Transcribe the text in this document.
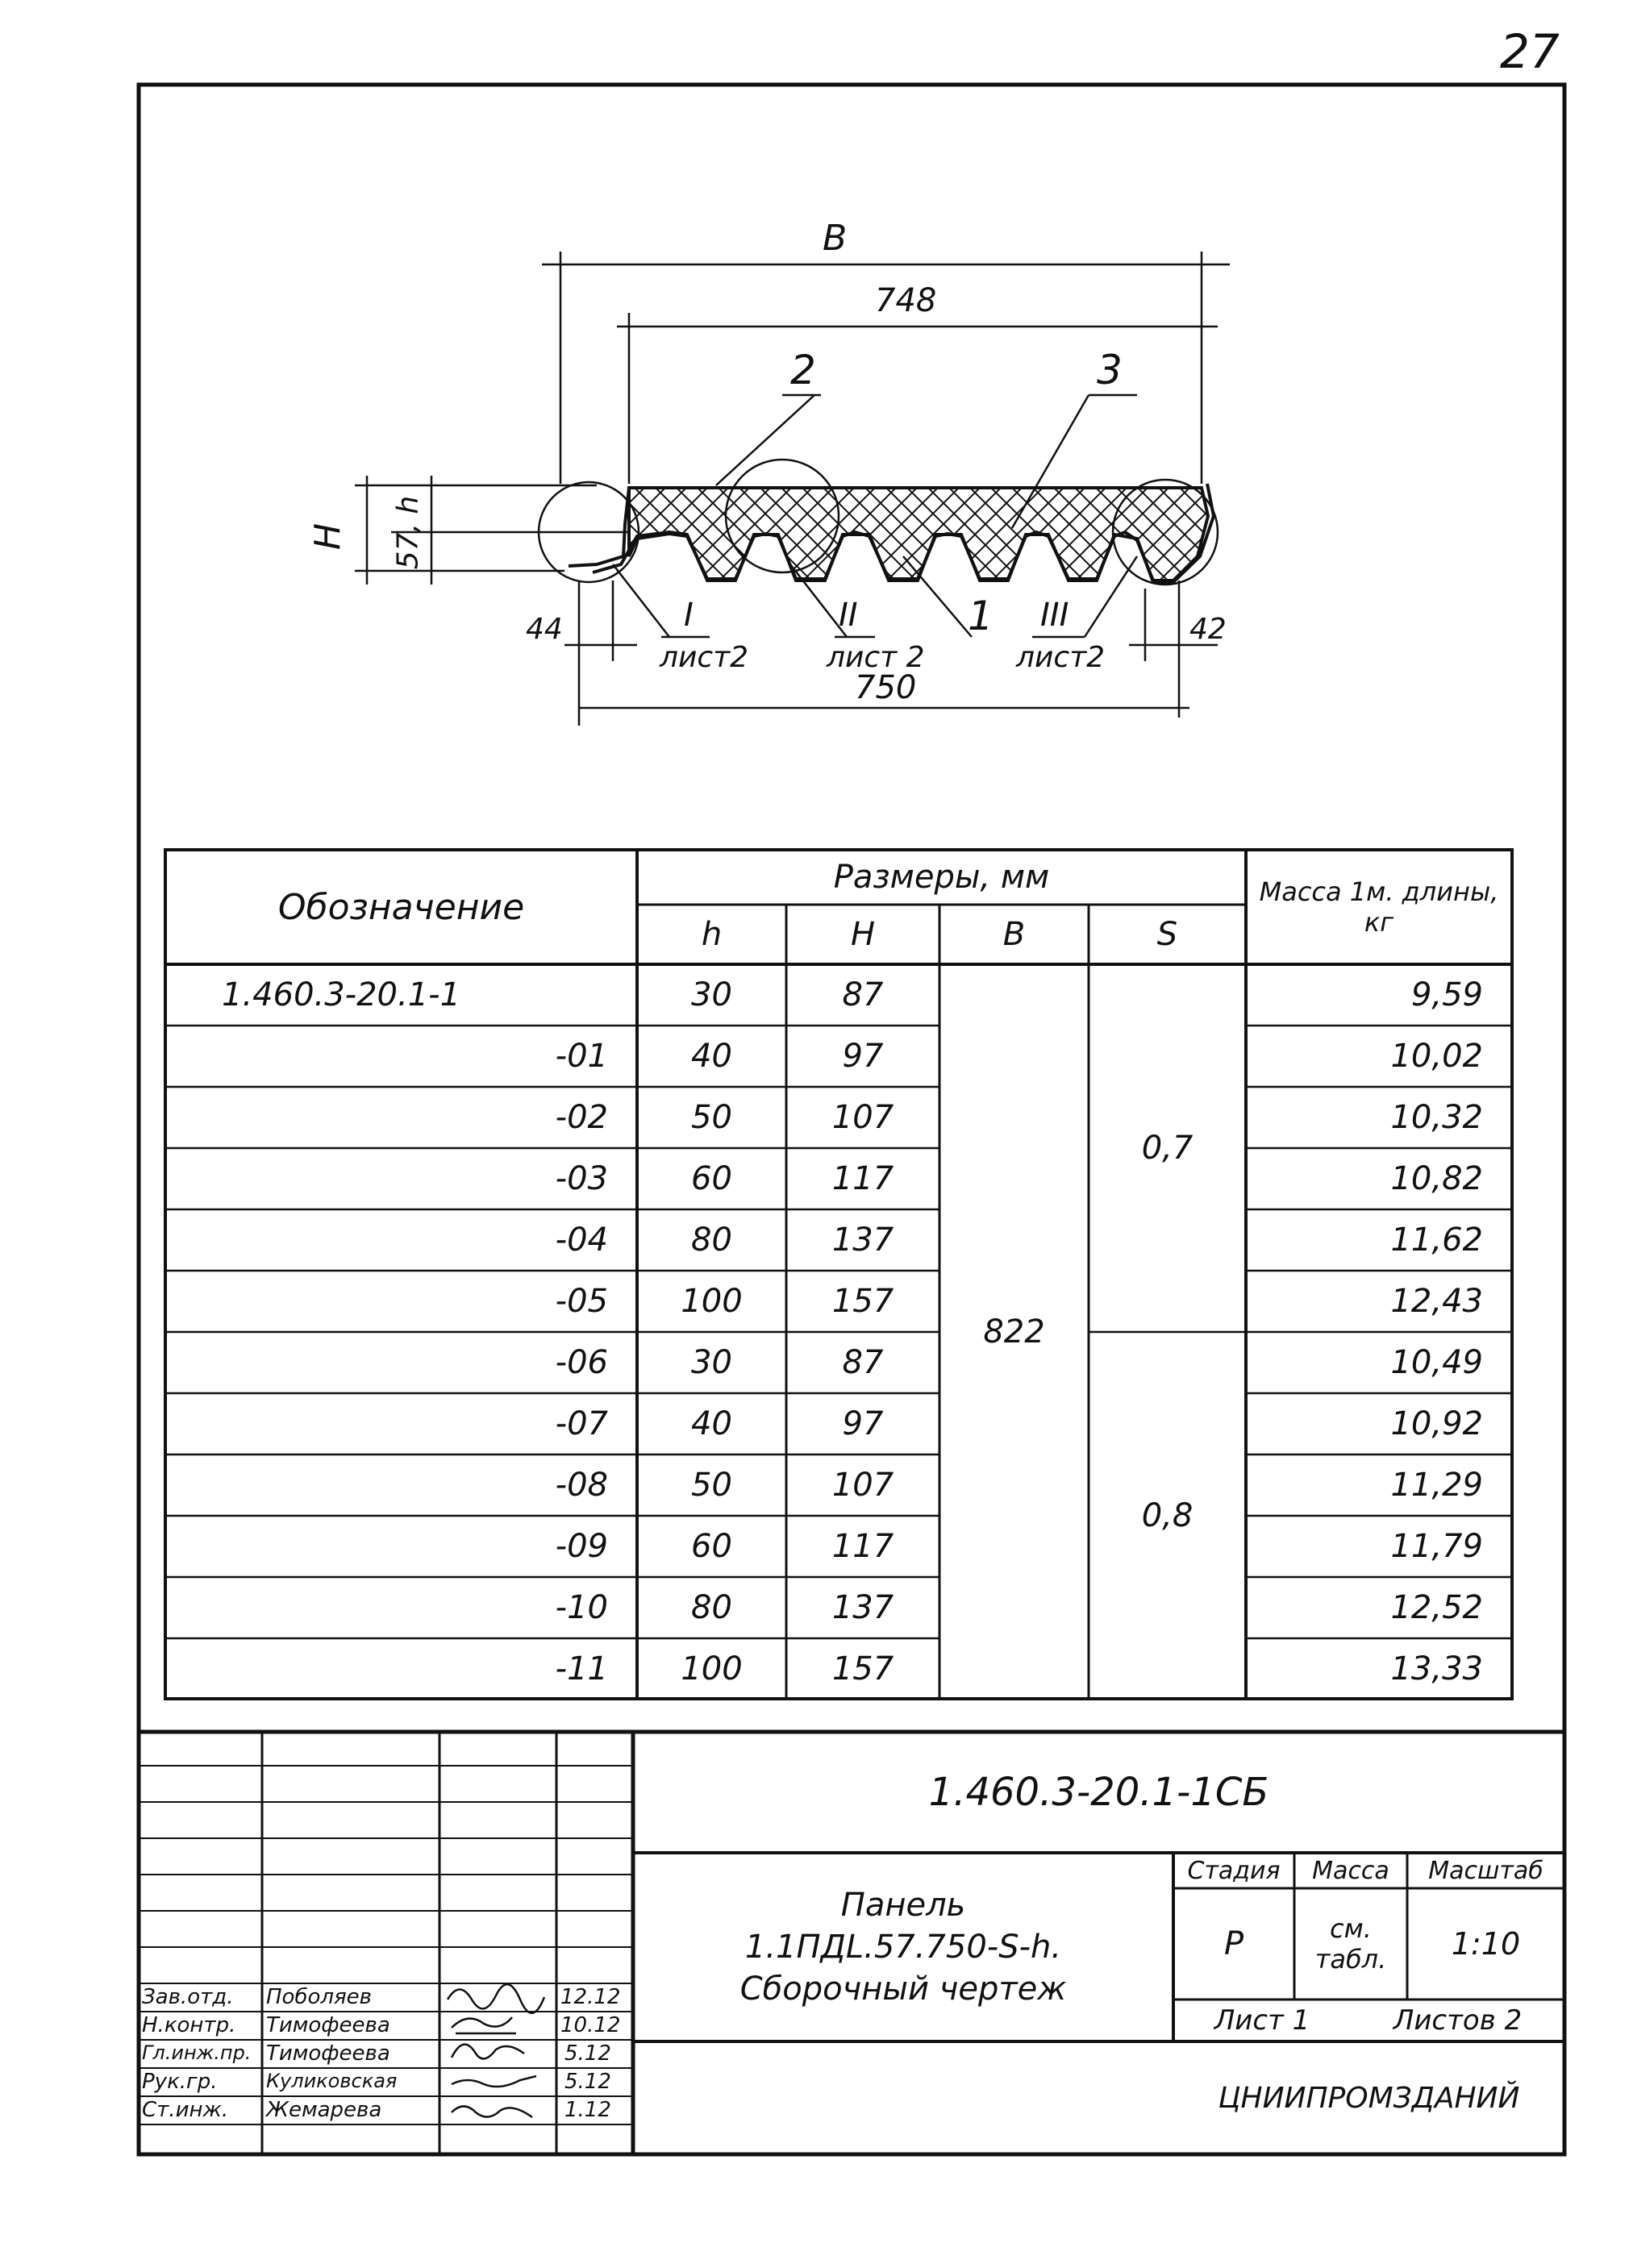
27
В
748
2	3
H 57, h
44	42
750
1
I
лист2
II
лист 2
III
лист2
Обозначение
Размеры, мм	Масса 1м. длины, кг
h	H	В	S
822
0,7
0,8
1.460.3-20.1-1	30	87	9,59
-01	40	97	10,02
-02	50	107	10,32
-03	60	117	10,82
-04	80	137	11,62
-05	100	157	12,43
-06	30	87	10,49
-07	40	97	10,92
-08	50	107	11,29
-09	60	117	11,79
-10	80	137	12,52
-11	100	157	13,33
1.460.3-20.1-1СБ
Панель
1.1ПДL.57.750-S-h.
Сборочный чертеж
Стадия	Масса	Масштаб
Р	см. табл.	1:10
Лист 1	Листов 2
ЦНИИПРОМЗДАНИЙ
Зав.отд. Поболяев	12.12
Н.контр. Тимофеева	10.12
Гл.инж.пр. Тимофеева	5.12
Рук.гр.	Куликовская	5.12
Ст.инж. Жемарева	1.12
